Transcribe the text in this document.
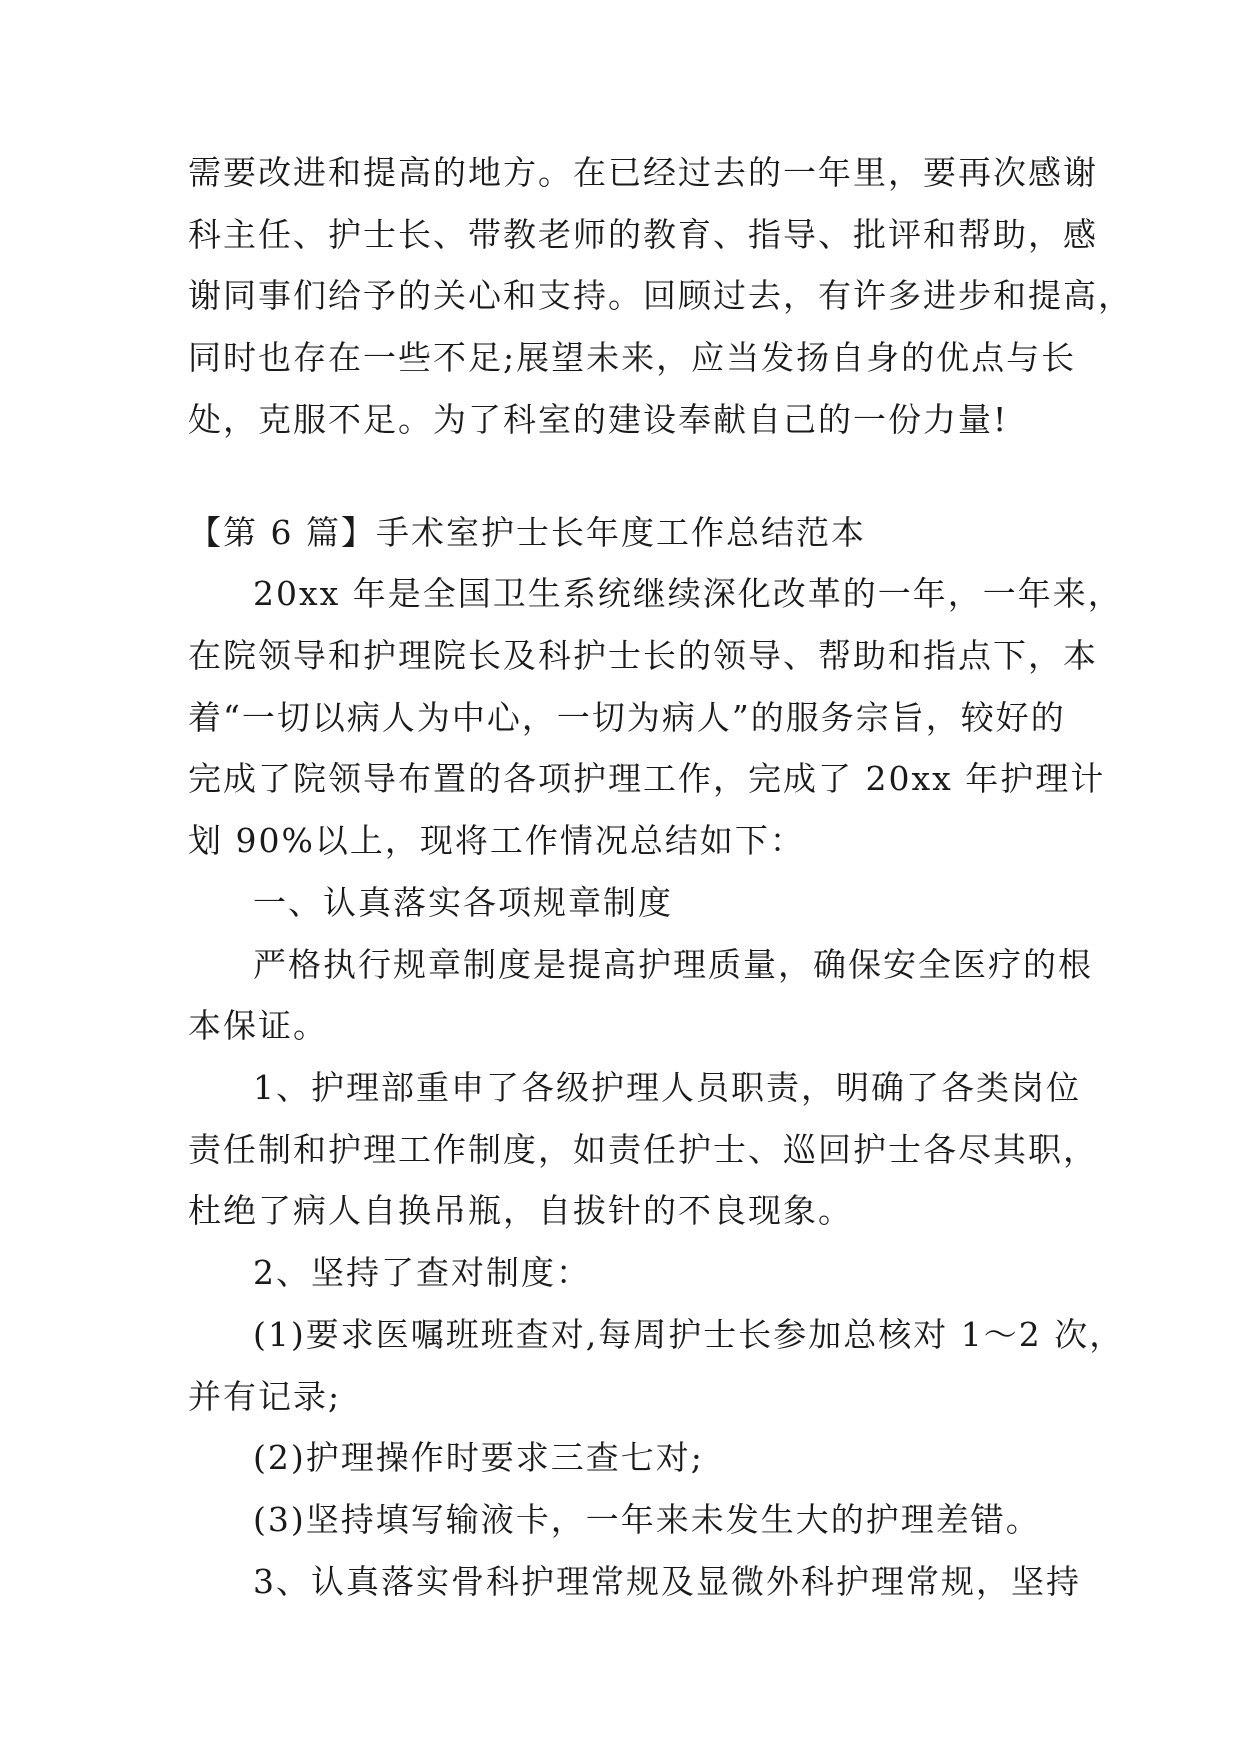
需要改进和提高的地方。在已经过去的一年里，要再次感谢
科主任、护士长、带教老师的教育、指导、批评和帮助，感
谢同事们给予的关心和支持。回顾过去，有许多进步和提高，
同时也存在一些不足;展望未来，应当发扬自身的优点与长
处，克服不足。为了科室的建设奉献自己的一份力量!
【第 6 篇】手术室护士长年度工作总结范本
20xx 年是全国卫生系统继续深化改革的一年，一年来，
在院领导和护理院长及科护士长的领导、帮助和指点下，本
着“一切以病人为中心，一切为病人”的服务宗旨，较好的
完成了院领导布置的各项护理工作，完成了 20xx 年护理计
划 90%以上，现将工作情况总结如下：
一、认真落实各项规章制度
严格执行规章制度是提高护理质量，确保安全医疗的根
本保证。
1、护理部重申了各级护理人员职责，明确了各类岗位
责任制和护理工作制度，如责任护士、巡回护士各尽其职，
杜绝了病人自换吊瓶，自拔针的不良现象。
2、坚持了查对制度：
(1)要求医嘱班班查对,每周护士长参加总核对 1～2 次，
并有记录;
(2)护理操作时要求三查七对;
(3)坚持填写输液卡，一年来未发生大的护理差错。
3、认真落实骨科护理常规及显微外科护理常规，坚持
